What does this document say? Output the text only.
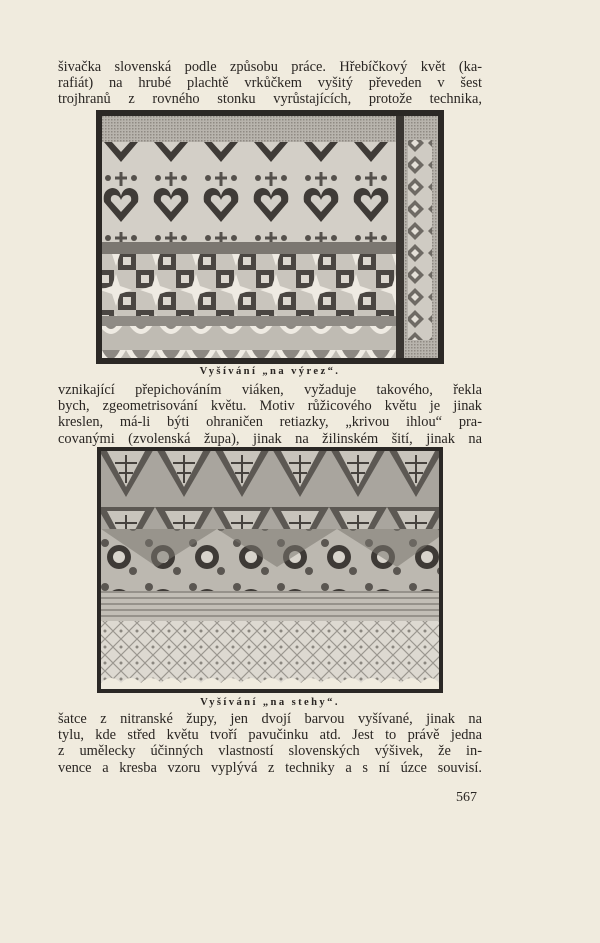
šivačka slovenská podle způsobu práce. Hřebíčkový květ (ka-
rafiát) na hrubé plachtě vrkůčkem vyšitý převeden v šest
trojhranů z rovného stonku vyrůstajících, protože technika,
Vyšívání „na výrez“.
vznikající přepichováním viáken, vyžaduje takového, řekla
bych, zgeometrisování květu. Motiv růžicového květu je jinak
kreslen, má-li býti ohraničen retiazky, „krivou ihlou“ pra-
covanými (zvolenská župa), jinak na žilinském šití, jinak na
Vyšívání „na stehy“.
šatce z nitranské župy, jen dvojí barvou vyšívané, jinak na
tylu, kde střed květu tvoří pavučinku atd. Jest to právě jedna
z umělecky účinných vlastností slovenských výšivek, že in-
vence a kresba vzoru vyplývá z techniky a s ní úzce souvisí.
567
